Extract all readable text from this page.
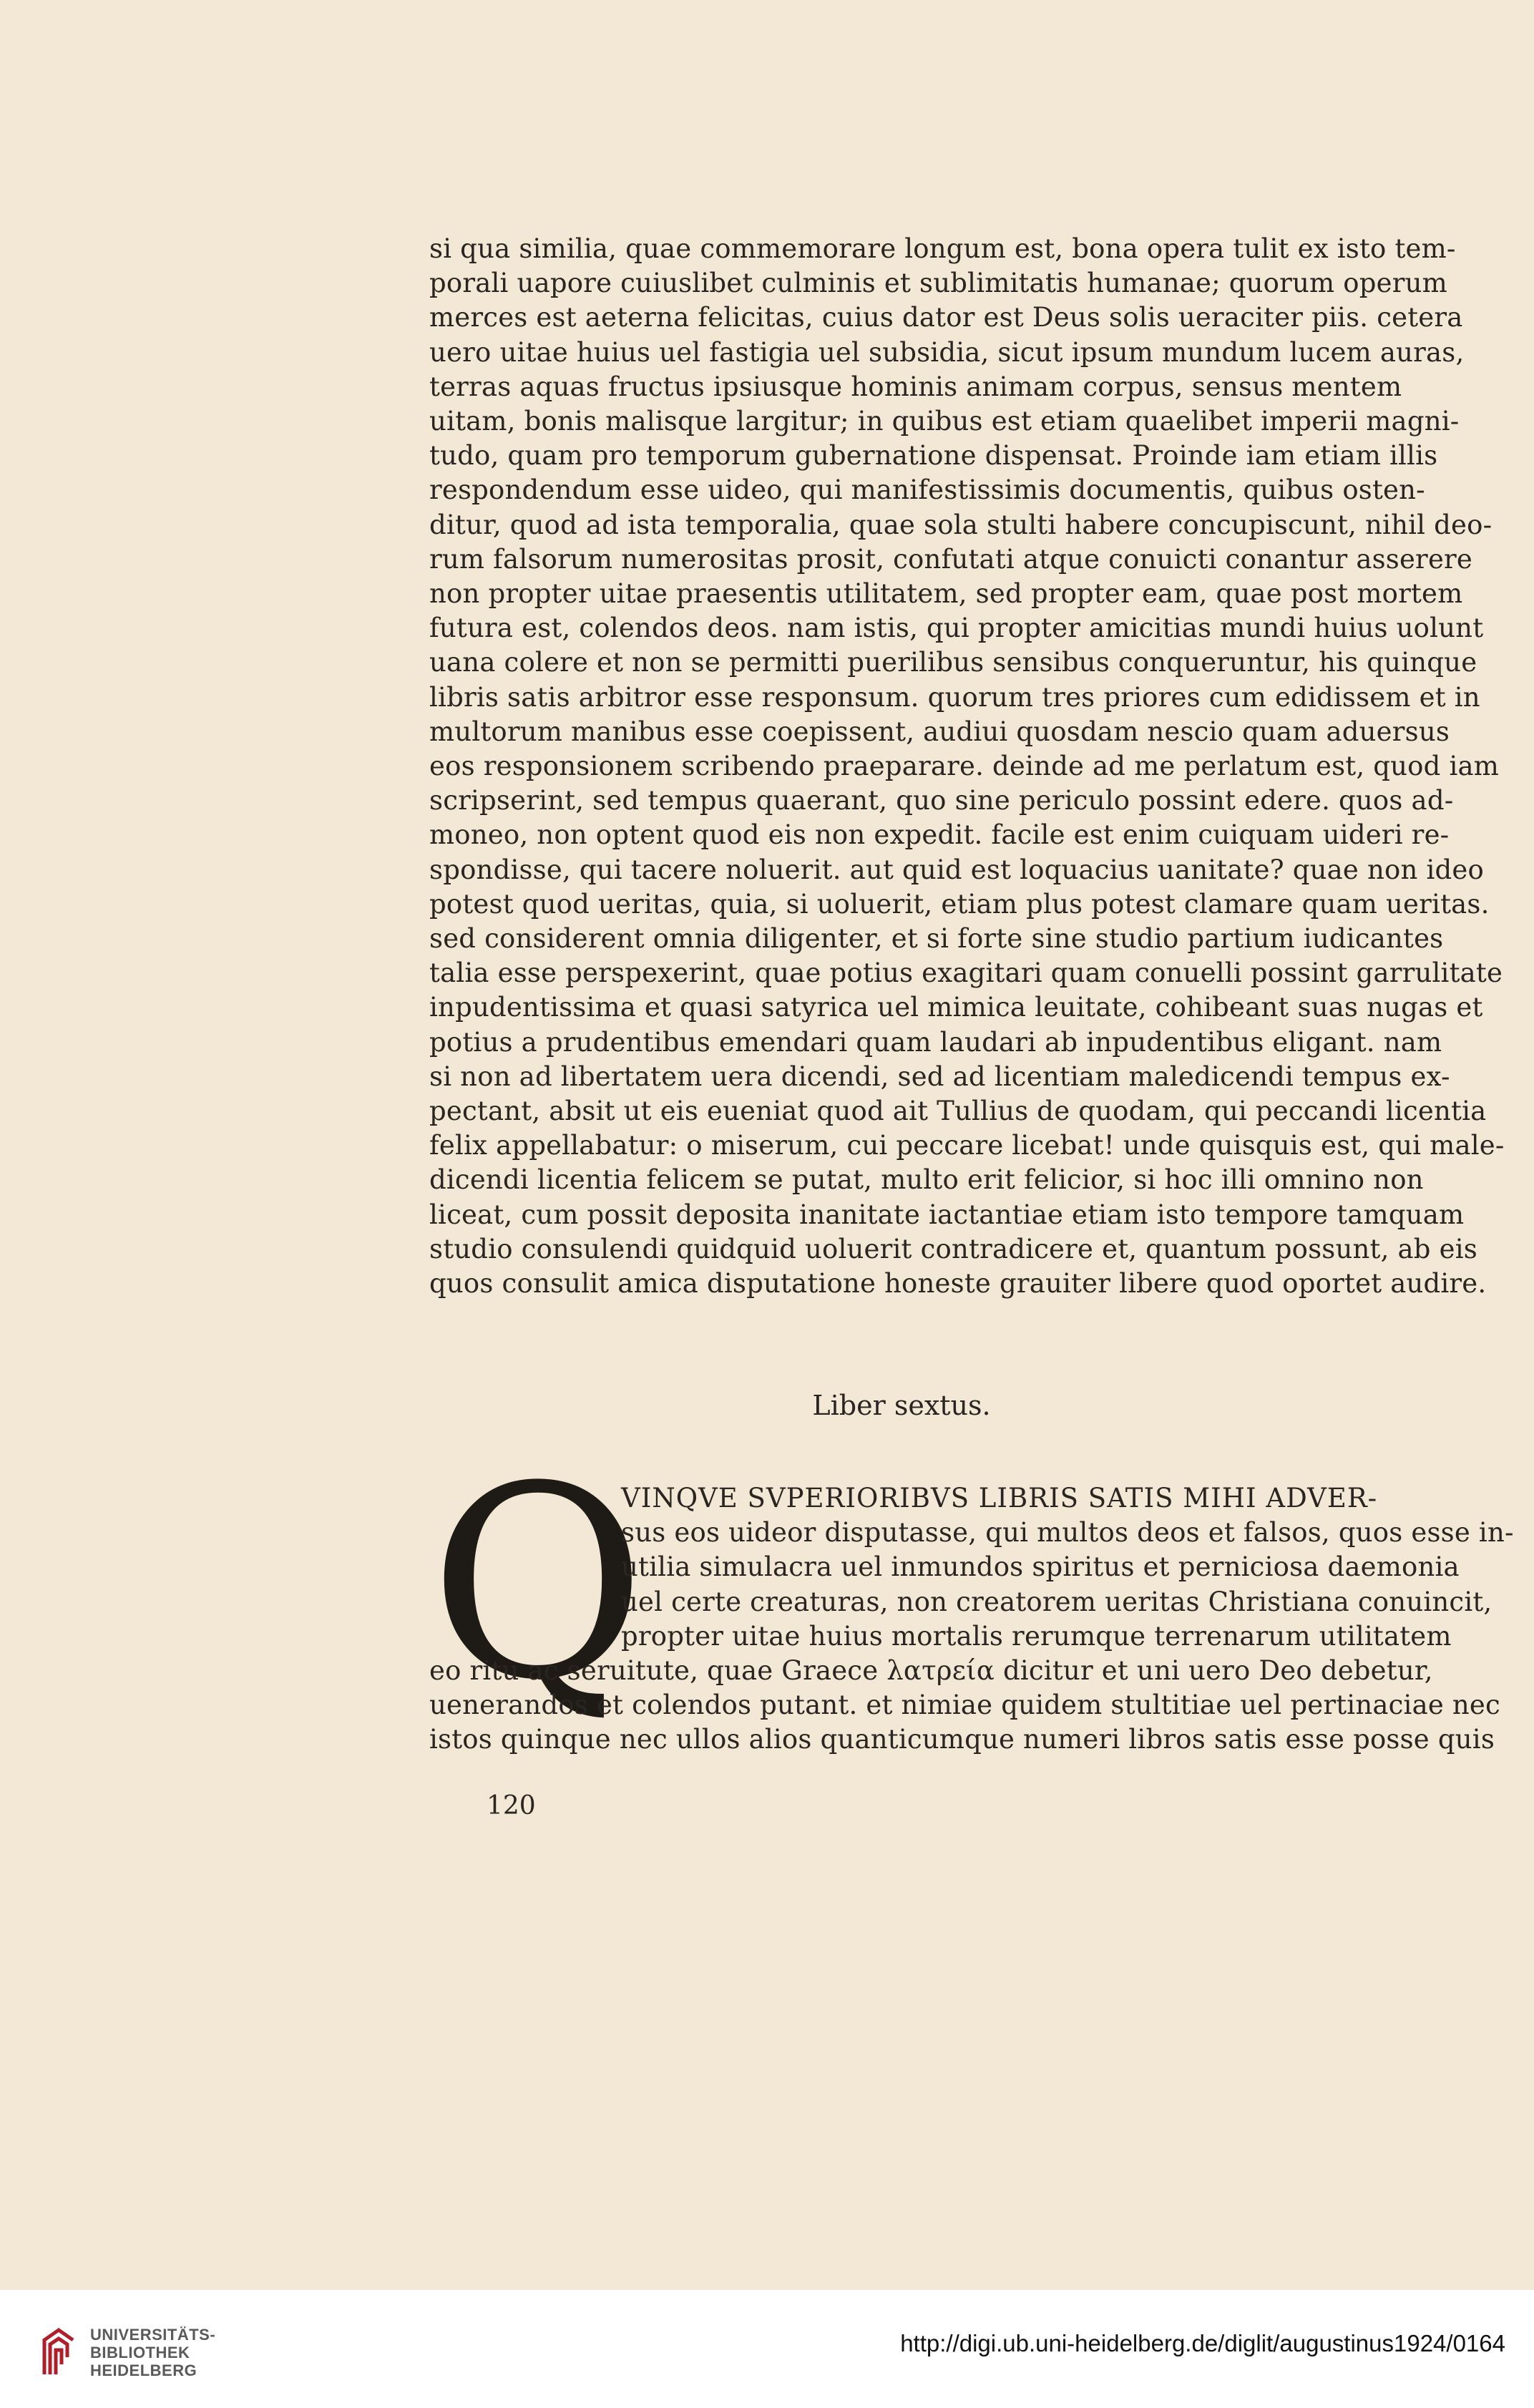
si qua similia, quae commemorare longum est, bona opera tulit ex isto tem-
porali uapore cuiuslibet culminis et sublimitatis humanae; quorum operum
merces est aeterna felicitas, cuius dator est Deus solis ueraciter piis. cetera
uero uitae huius uel fastigia uel subsidia, sicut ipsum mundum lucem auras,
terras aquas fructus ipsiusque hominis animam corpus, sensus mentem
uitam, bonis malisque largitur; in quibus est etiam quaelibet imperii magni-
tudo, quam pro temporum gubernatione dispensat. Proinde iam etiam illis
respondendum esse uideo, qui manifestissimis documentis, quibus osten-
ditur, quod ad ista temporalia, quae sola stulti habere concupiscunt, nihil deo-
rum falsorum numerositas prosit, confutati atque conuicti conantur asserere
non propter uitae praesentis utilitatem, sed propter eam, quae post mortem
futura est, colendos deos. nam istis, qui propter amicitias mundi huius uolunt
uana colere et non se permitti puerilibus sensibus conqueruntur, his quinque
libris satis arbitror esse responsum. quorum tres priores cum edidissem et in
multorum manibus esse coepissent, audiui quosdam nescio quam aduersus
eos responsionem scribendo praeparare. deinde ad me perlatum est, quod iam
scripserint, sed tempus quaerant, quo sine periculo possint edere. quos ad-
moneo, non optent quod eis non expedit. facile est enim cuiquam uideri re-
spondisse, qui tacere noluerit. aut quid est loquacius uanitate? quae non ideo
potest quod ueritas, quia, si uoluerit, etiam plus potest clamare quam ueritas.
sed considerent omnia diligenter, et si forte sine studio partium iudicantes
talia esse perspexerint, quae potius exagitari quam conuelli possint garrulitate
inpudentissima et quasi satyrica uel mimica leuitate, cohibeant suas nugas et
potius a prudentibus emendari quam laudari ab inpudentibus eligant. nam
si non ad libertatem uera dicendi, sed ad licentiam maledicendi tempus ex-
pectant, absit ut eis eueniat quod ait Tullius de quodam, qui peccandi licentia
felix appellabatur: o miserum, cui peccare licebat! unde quisquis est, qui male-
dicendi licentia felicem se putat, multo erit felicior, si hoc illi omnino non
liceat, cum possit deposita inanitate iactantiae etiam isto tempore tamquam
studio consulendi quidquid uoluerit contradicere et, quantum possunt, ab eis
quos consulit amica disputatione honeste grauiter libere quod oportet audire.
Liber sextus.
Q
VINQVE SVPERIORIBVS LIBRIS SATIS MIHI ADVER-
sus eos uideor disputasse, qui multos deos et falsos, quos esse in-
utilia simulacra uel inmundos spiritus et perniciosa daemonia
uel certe creaturas, non creatorem ueritas Christiana conuincit,
propter uitae huius mortalis rerumque terrenarum utilitatem
eo ritu ac seruitute, quae Graece λατρεία dicitur et uni uero Deo debetur,
uenerandos et colendos putant. et nimiae quidem stultitiae uel pertinaciae nec
istos quinque nec ullos alios quanticumque numeri libros satis esse posse quis
120
UNIVERSITÄTS-
BIBLIOTHEK
HEIDELBERG
http://digi.ub.uni-heidelberg.de/diglit/augustinus1924/0164
